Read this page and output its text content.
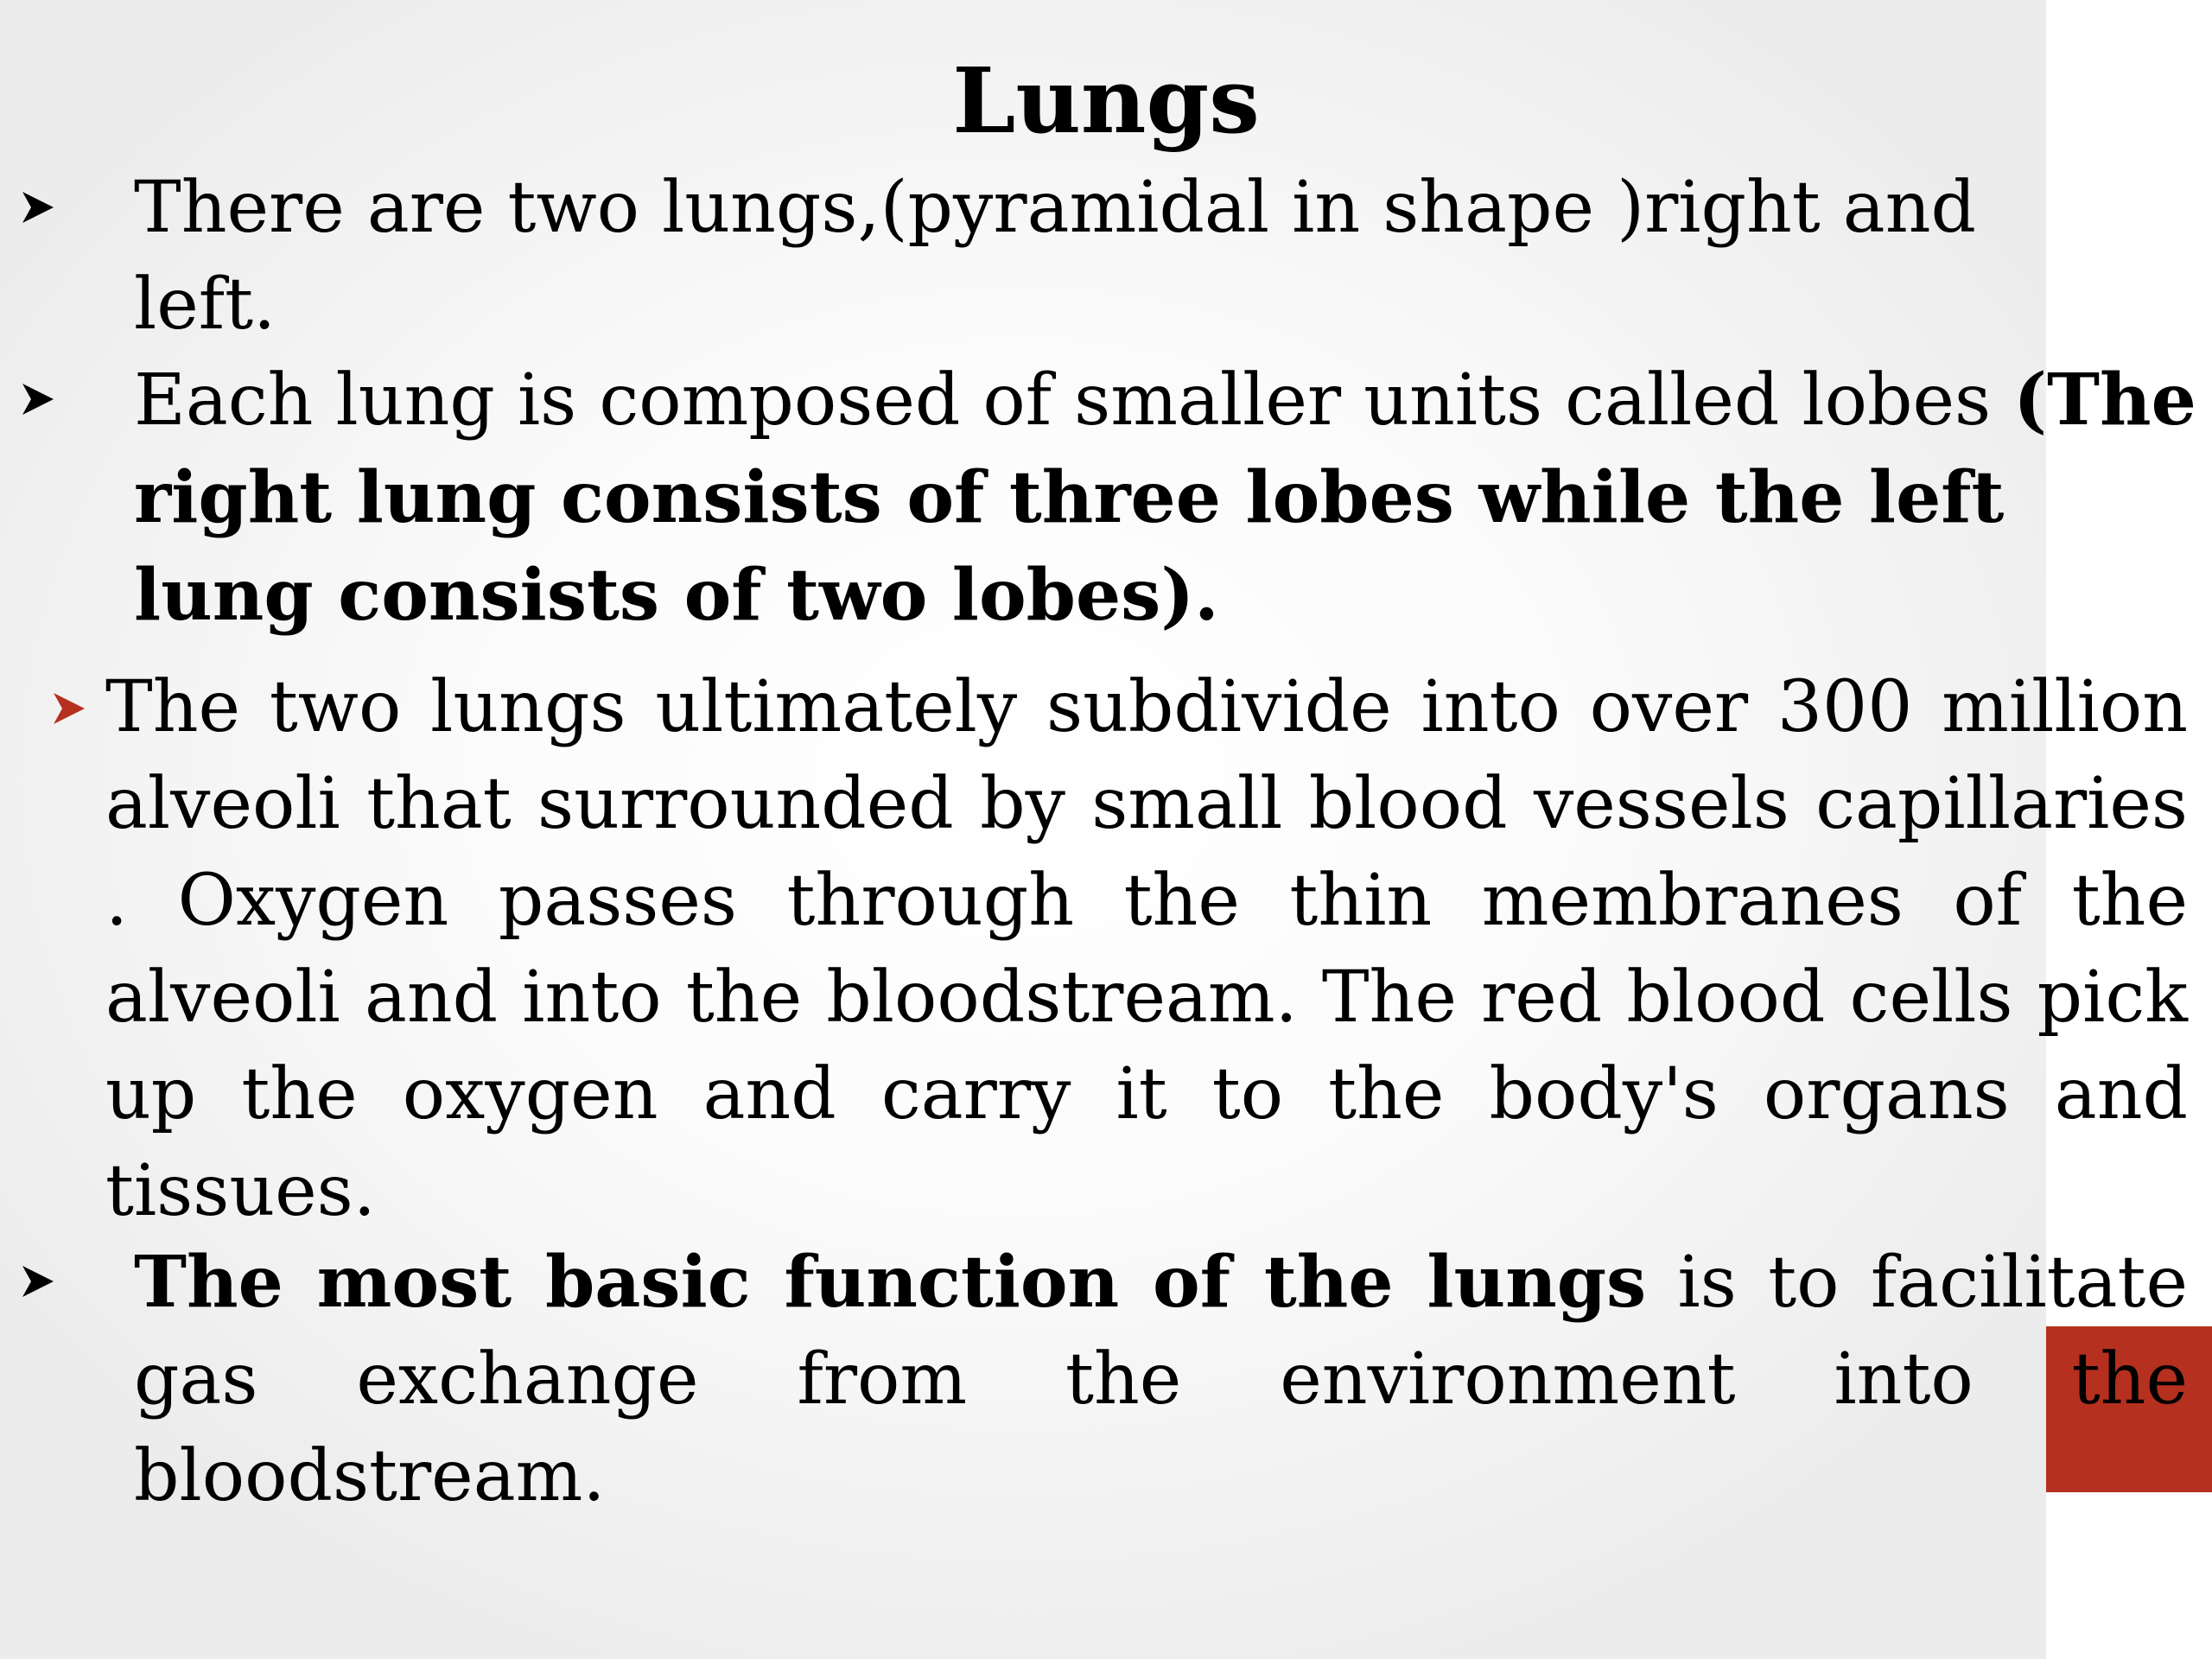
Lungs
There are two lungs,(pyramidal in shape )right and left.
Each lung is composed of smaller units called lobes (The right lung consists of three lobes while the left lung consists of two lobes).
The two lungs ultimately subdivide into over 300 million alveoli that surrounded by small blood vessels capillaries . Oxygen passes through the thin membranes of the alveoli and into the bloodstream. The red blood cells pick up the oxygen and carry it to the body's organs and tissues.
The most basic function of the lungs is to facilitate gas exchange from the environment into the bloodstream.
